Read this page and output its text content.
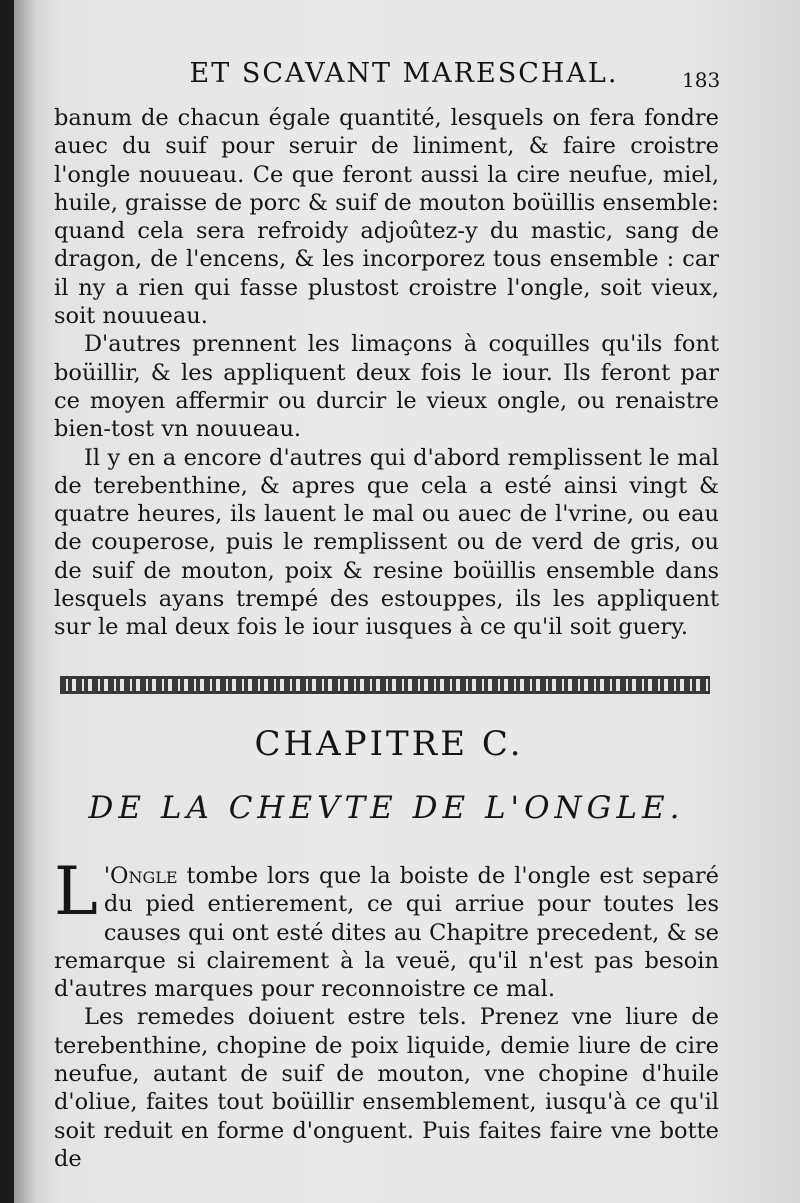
ET SCAVANT MARESCHAL.	183

banum de chacun égale quantité, lesquels on fera fondre auec du suif pour seruir de liniment, & faire croistre l'ongle nouueau. Ce que feront aussi la cire neufue, miel, huile, graisse de porc & suif de mouton boüillis ensemble: quand cela sera refroidy adjoûtez-y du mastic, sang de dragon, de l'encens, & les incorporez tous ensemble : car il ny a rien qui fasse plustost croistre l'ongle, soit vieux, soit nouueau.

D'autres prennent les limaçons à coquilles qu'ils font boüillir, & les appliquent deux fois le iour. Ils feront par ce moyen affermir ou durcir le vieux ongle, ou renaistre bien-tost vn nouueau.

Il y en a encore d'autres qui d'abord remplissent le mal de terebenthine, & apres que cela a esté ainsi vingt & quatre heures, ils lauent le mal ou auec de l'vrine, ou eau de couperose, puis le remplissent ou de verd de gris, ou de suif de mouton, poix & resine boüillis ensemble dans lesquels ayans trempé des estouppes, ils les appliquent sur le mal deux fois le iour iusques à ce qu'il soit guery.

CHAPITRE C.
DE LA CHEVTE DE L'ONGLE.

L 'Ongle tombe lors que la boiste de l'ongle est separé du pied entierement, ce qui arriue pour toutes les causes qui ont esté dites au Chapitre precedent, & se remarque si clairement à la veuë, qu'il n'est pas besoin d'autres marques pour reconnoistre ce mal.

Les remedes doiuent estre tels. Prenez vne liure de terebenthine, chopine de poix liquide, demie liure de cire neufue, autant de suif de mouton, vne chopine d'huile d'oliue, faites tout boüillir ensemblement, iusqu'à ce qu'il soit reduit en forme d'onguent. Puis faites faire vne botte de
